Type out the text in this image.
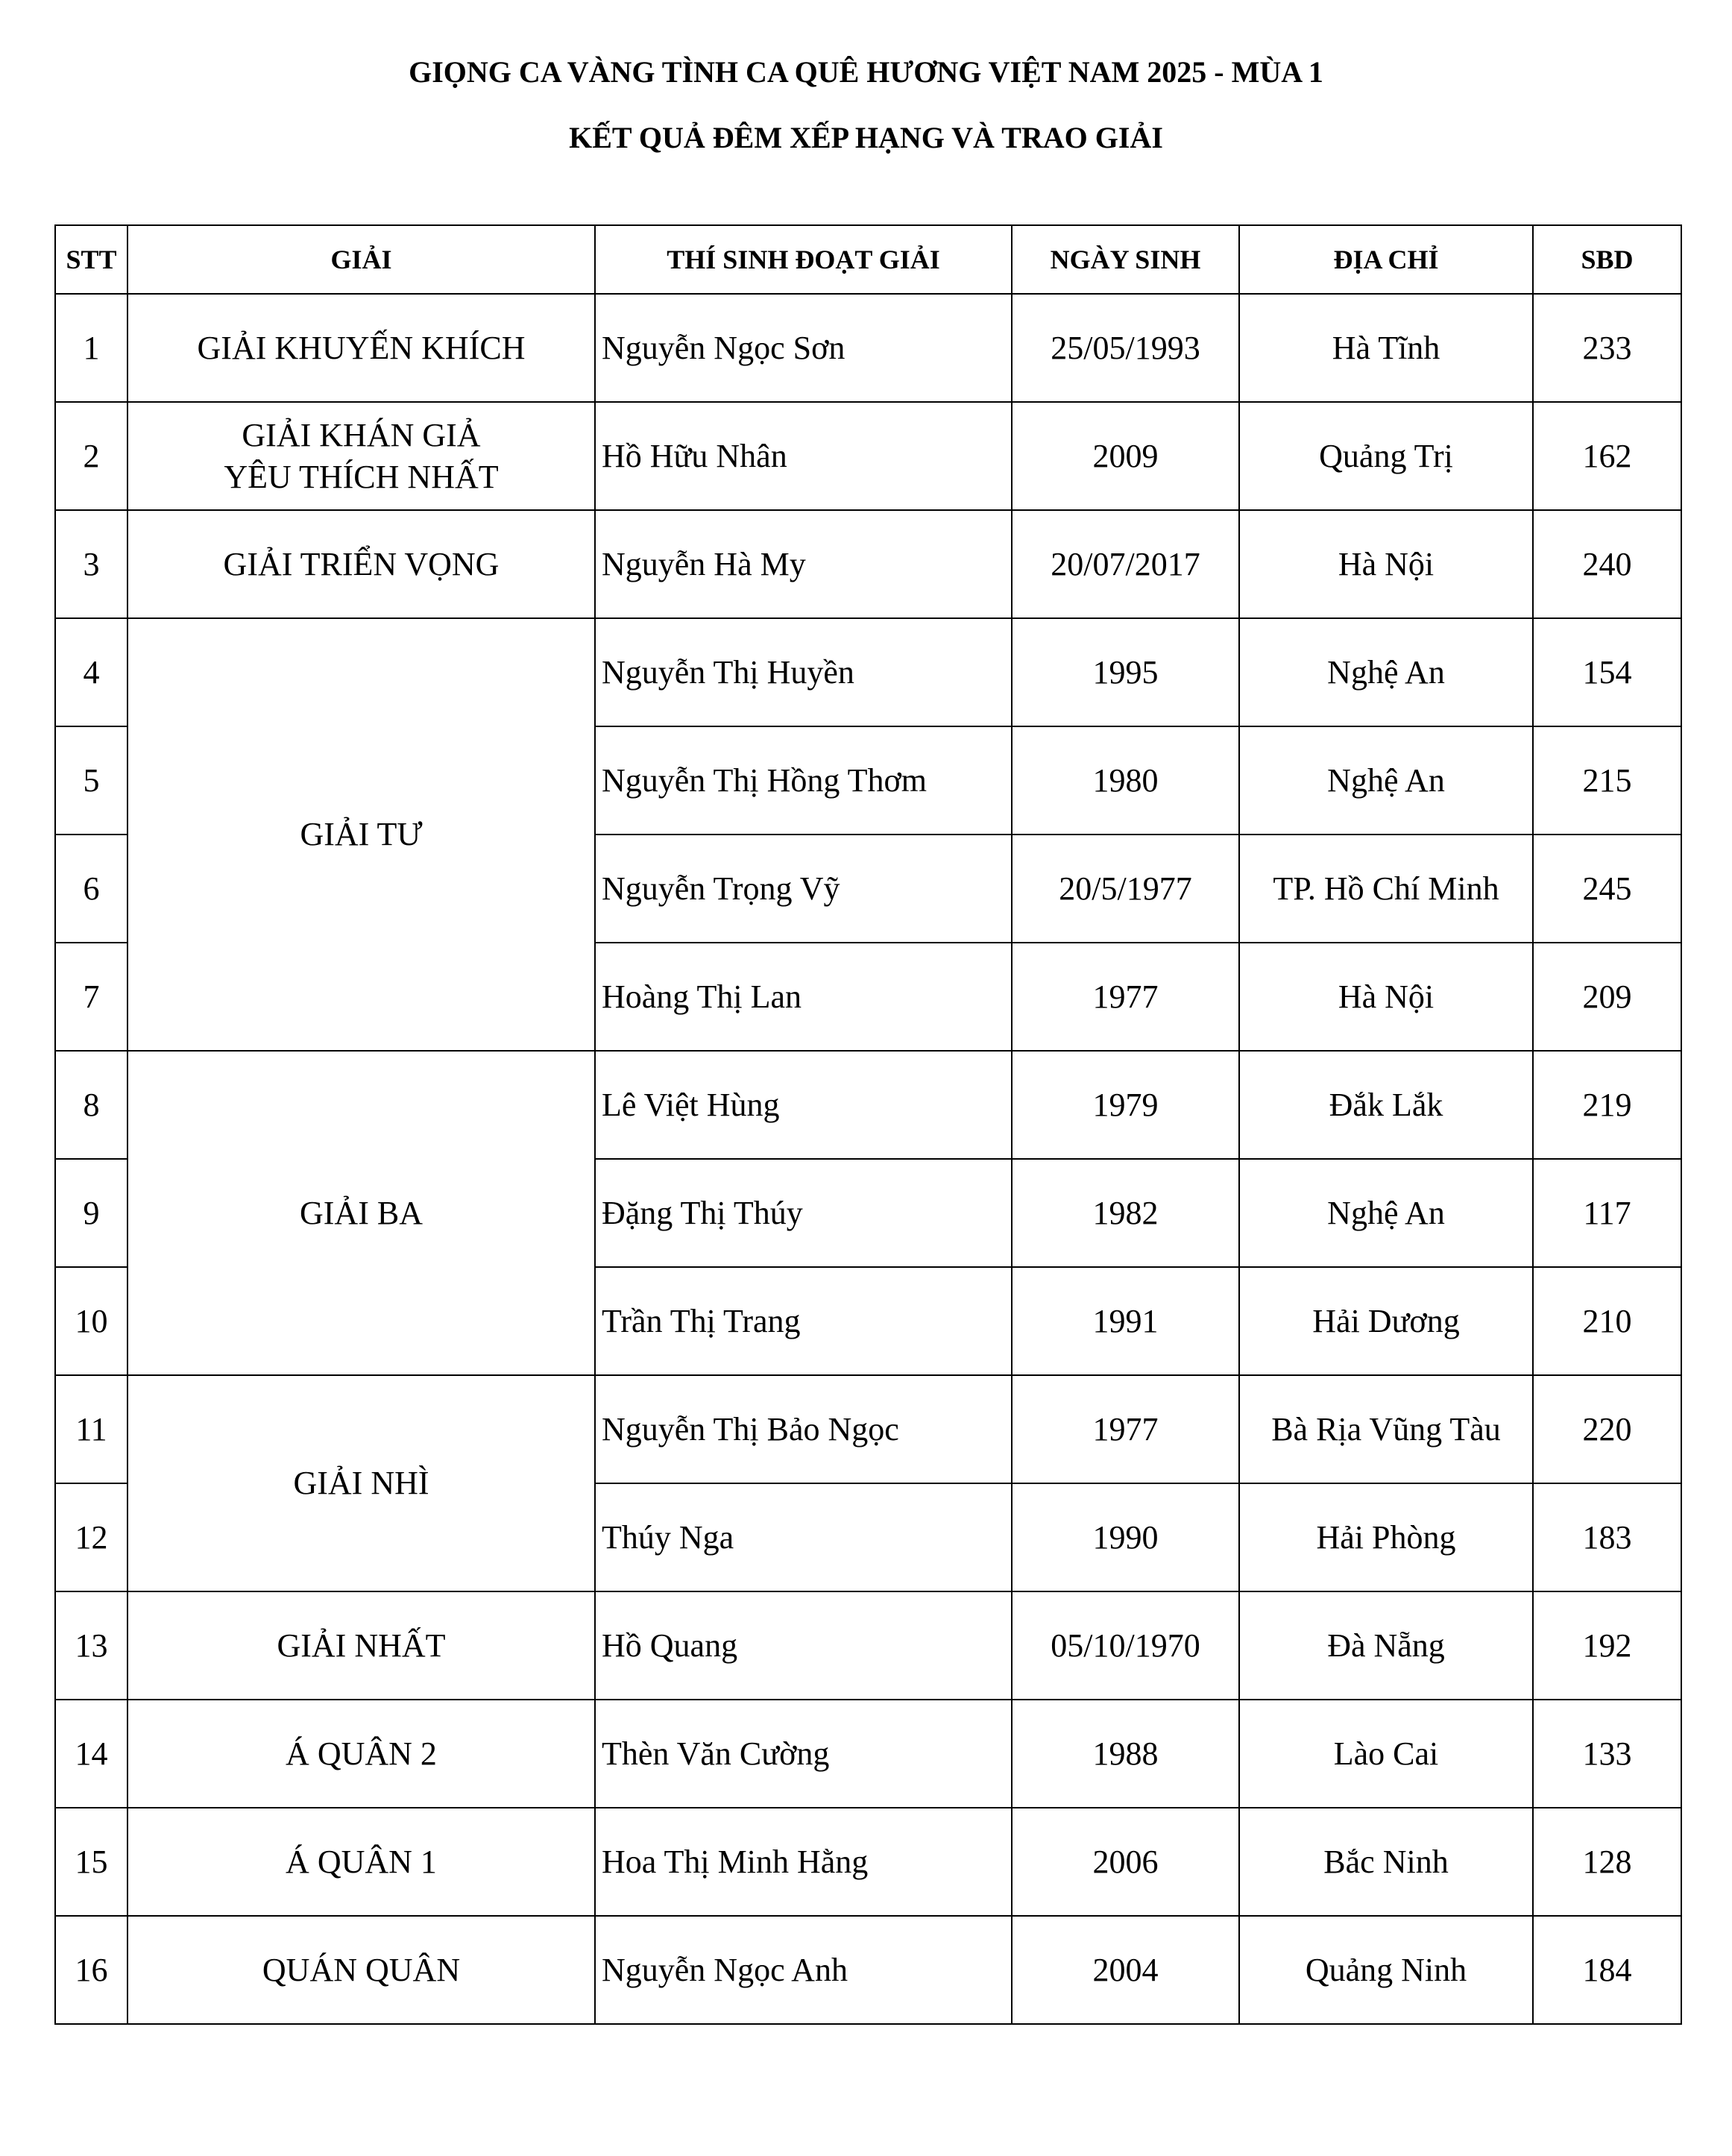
GIỌNG CA VÀNG TÌNH CA QUÊ HƯƠNG VIỆT NAM 2025 - MÙA 1
KẾT QUẢ ĐÊM XẾP HẠNG VÀ TRAO GIẢI
STT	GIẢI	THÍ SINH ĐOẠT GIẢI	NGÀY SINH	ĐỊA CHỈ	SBD
1	GIẢI KHUYẾN KHÍCH	Nguyễn Ngọc Sơn	25/05/1993	Hà Tĩnh	233
2	GIẢI KHÁN GIẢ
YÊU THÍCH NHẤT	Hồ Hữu Nhân	2009	Quảng Trị	162
3	GIẢI TRIỂN VỌNG	Nguyễn Hà My	20/07/2017	Hà Nội	240
4	GIẢI TƯ	Nguyễn Thị Huyền	1995	Nghệ An	154
5		Nguyễn Thị Hồng Thơm	1980	Nghệ An	215
6		Nguyễn Trọng Vỹ	20/5/1977	TP. Hồ Chí Minh	245
7		Hoàng Thị Lan	1977	Hà Nội	209
8	GIẢI BA	Lê Việt Hùng	1979	Đắk Lắk	219
9		Đặng Thị Thúy	1982	Nghệ An	117
10		Trần Thị Trang	1991	Hải Dương	210
11	GIẢI NHÌ	Nguyễn Thị Bảo Ngọc	1977	Bà Rịa Vũng Tàu	220
12		Thúy Nga	1990	Hải Phòng	183
13	GIẢI NHẤT	Hồ Quang	05/10/1970	Đà Nẵng	192
14	Á QUÂN 2	Thèn Văn Cường	1988	Lào Cai	133
15	Á QUÂN 1	Hoa Thị Minh Hằng	2006	Bắc Ninh	128
16	QUÁN QUÂN	Nguyễn Ngọc Anh	2004	Quảng Ninh	184
